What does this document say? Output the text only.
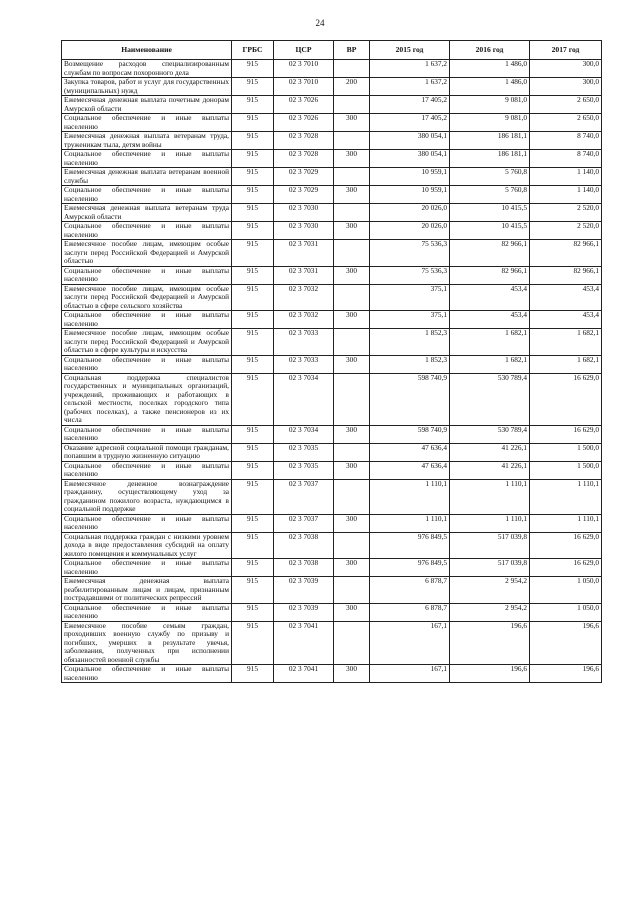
24
Наименование	ГРБС	ЦСР	ВР	2015 год	2016 год	2017 год
Возмещение расходов специализированным службам по вопросам похоронного дела	915	02 3 7010		1 637,2	1 486,0	300,0
Закупка товаров, работ и услуг для государственных (муниципальных) нужд	915	02 3 7010	200	1 637,2	1 486,0	300,0
Ежемесячная денежная выплата почетным донорам Амурской области	915	02 3 7026		17 405,2	9 081,0	2 650,0
Социальное обеспечение и иные выплаты населению	915	02 3 7026	300	17 405,2	9 081,0	2 650,0
Ежемесячная денежная выплата ветеранам труда, труженикам тыла, детям войны	915	02 3 7028		380 054,1	186 181,1	8 740,0
Социальное обеспечение и иные выплаты населению	915	02 3 7028	300	380 054,1	186 181,1	8 740,0
Ежемесячная денежная выплата ветеранам военной службы	915	02 3 7029		10 959,1	5 760,8	1 140,0
Социальное обеспечение и иные выплаты населению	915	02 3 7029	300	10 959,1	5 760,8	1 140,0
Ежемесячная денежная выплата ветеранам труда Амурской области	915	02 3 7030		20 026,0	10 415,5	2 520,0
Социальное обеспечение и иные выплаты населению	915	02 3 7030	300	20 026,0	10 415,5	2 520,0
Ежемесячное пособие лицам, имеющим особые заслуги перед Российской Федерацией и Амурской областью	915	02 3 7031		75 536,3	82 966,1	82 966,1
Социальное обеспечение и иные выплаты населению	915	02 3 7031	300	75 536,3	82 966,1	82 966,1
Ежемесячное пособие лицам, имеющим особые заслуги перед Российской Федерацией и Амурской областью в сфере сельского хозяйства	915	02 3 7032		375,1	453,4	453,4
Социальное обеспечение и иные выплаты населению	915	02 3 7032	300	375,1	453,4	453,4
Ежемесячное пособие лицам, имеющим особые заслуги перед Российской Федерацией и Амурской областью в сфере культуры и искусства	915	02 3 7033		1 852,3	1 682,1	1 682,1
Социальное обеспечение и иные выплаты населению	915	02 3 7033	300	1 852,3	1 682,1	1 682,1
Социальная поддержка специалистов государственных и муниципальных организаций, учреждений, проживающих и работающих в сельской местности, поселках городского типа (рабочих поселках), а также пенсионеров из их числа	915	02 3 7034		598 740,9	530 789,4	16 629,0
Социальное обеспечение и иные выплаты населению	915	02 3 7034	300	598 740,9	530 789,4	16 629,0
Оказание адресной социальной помощи гражданам, попавшим в трудную жизненную ситуацию	915	02 3 7035		47 636,4	41 226,1	1 500,0
Социальное обеспечение и иные выплаты населению	915	02 3 7035	300	47 636,4	41 226,1	1 500,0
Ежемесячное денежное вознаграждение гражданину, осуществляющему уход за гражданином пожилого возраста, нуждающимся в социальной поддержке	915	02 3 7037		1 110,1	1 110,1	1 110,1
Социальное обеспечение и иные выплаты населению	915	02 3 7037	300	1 110,1	1 110,1	1 110,1
Социальная поддержка граждан с низкими уровнем дохода в виде предоставления субсидий на оплату жилого помещения и коммунальных услуг	915	02 3 7038		976 849,5	517 039,8	16 629,0
Социальное обеспечение и иные выплаты населению	915	02 3 7038	300	976 849,5	517 039,8	16 629,0
Ежемесячная денежная выплата реабилитированным лицам и лицам, признанным пострадавшими от политических репрессий	915	02 3 7039		6 878,7	2 954,2	1 050,0
Социальное обеспечение и иные выплаты населению	915	02 3 7039	300	6 878,7	2 954,2	1 050,0
Ежемесячное пособие семьям граждан, проходивших военную службу по призыву и погибших, умерших в результате увечья, заболевания, полученных при исполнении обязанностей военной службы	915	02 3 7041		167,1	196,6	196,6
Социальное обеспечение и иные выплаты населению	915	02 3 7041	300	167,1	196,6	196,6
